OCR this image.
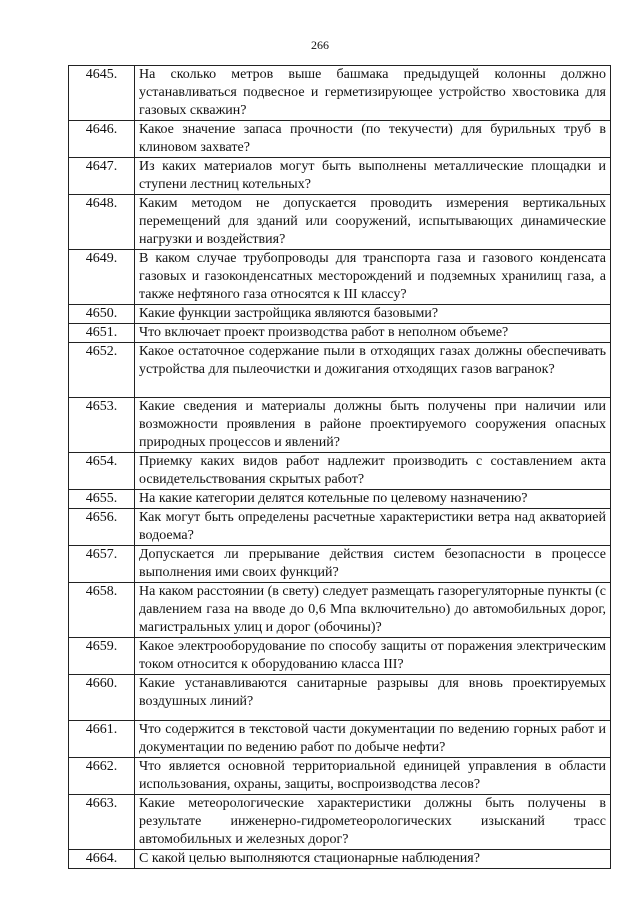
266
4645.	На сколько метров выше башмака предыдущей колонны должно устанавливаться подвесное и герметизирующее устройство хвостовика для газовых скважин?
4646.	Какое значение запаса прочности (по текучести) для бурильных труб в клиновом захвате?
4647.	Из каких материалов могут быть выполнены металлические площадки и ступени лестниц котельных?
4648.	Каким методом не допускается проводить измерения вертикальных перемещений для зданий или сооружений, испытывающих динамические нагрузки и воздействия?
4649.	В каком случае трубопроводы для транспорта газа и газового конденсата газовых и газоконденсатных месторождений и подземных хранилищ газа, а также нефтяного газа относятся к III классу?
4650.	Какие функции застройщика являются базовыми?
4651.	Что включает проект производства работ в неполном объеме?
4652.	Какое остаточное содержание пыли в отходящих газах должны обеспечивать устройства для пылеочистки и дожигания отходящих газов вагранок?
4653.	Какие сведения и материалы должны быть получены при наличии или возможности проявления в районе проектируемого сооружения опасных природных процессов и явлений?
4654.	Приемку каких видов работ надлежит производить с составлением акта освидетельствования скрытых работ?
4655.	На какие категории делятся котельные по целевому назначению?
4656.	Как могут быть определены расчетные характеристики ветра над акваторией водоема?
4657.	Допускается ли прерывание действия систем безопасности в процессе выполнения ими своих функций?
4658.	На каком расстоянии (в свету) следует размещать газорегуляторные пункты (с давлением газа на вводе до 0,6 Мпа включительно) до автомобильных дорог, магистральных улиц и дорог (обочины)?
4659.	Какое электрооборудование по способу защиты от поражения электрическим током относится к оборудованию класса III?
4660.	Какие устанавливаются санитарные разрывы для вновь проектируемых воздушных линий?
4661.	Что содержится в текстовой части документации по ведению горных работ и документации по ведению работ по добыче нефти?
4662.	Что является основной территориальной единицей управления в области использования, охраны, защиты, воспроизводства лесов?
4663.	Какие метеорологические характеристики должны быть получены в результате инженерно-гидрометеорологических изысканий трасс автомобильных и железных дорог?
4664.	С какой целью выполняются стационарные наблюдения?
